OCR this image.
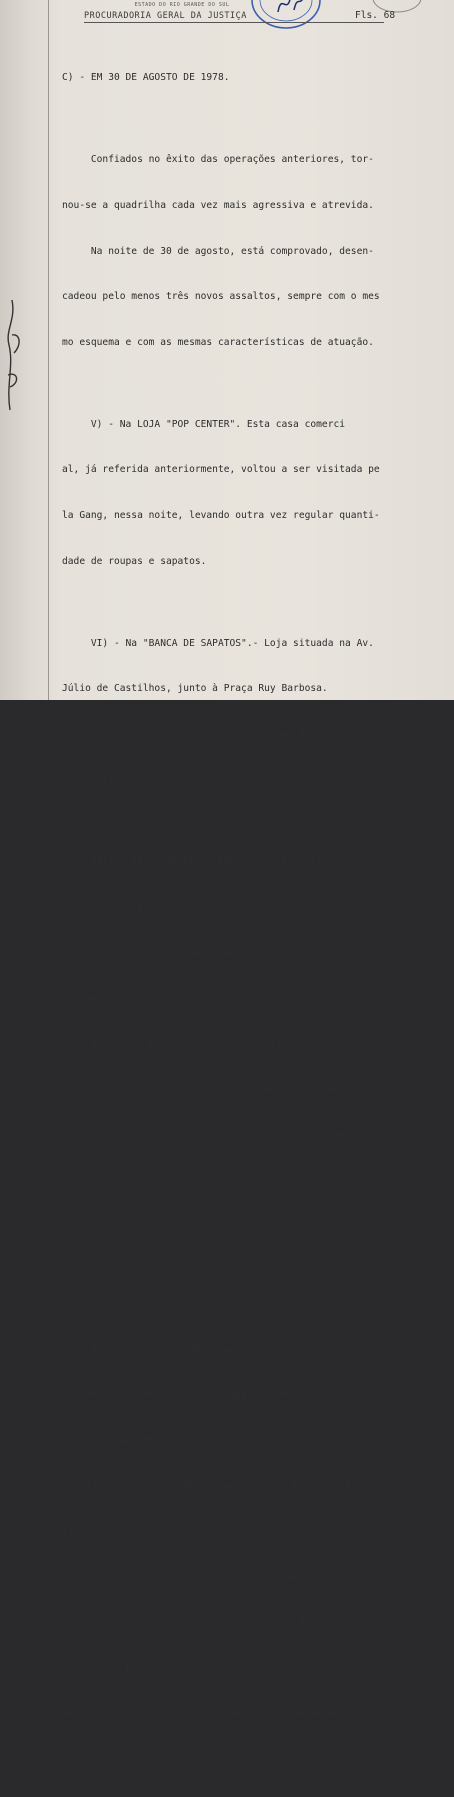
ESTADO DO RIO GRANDE DO SUL
PROCURADORIA GERAL DA JUSTIÇA	Fls. 68

C) - EM 30 DE AGOSTO DE 1978.

Confiados no êxito das operações anteriores, tor-

nou-se a quadrilha cada vez mais agressiva e atrevida.

Na noite de 30 de agosto, está comprovado, desen-

cadeou pelo menos três novos assaltos, sempre com o mes

mo esquema e com as mesmas características de atuação.

V) - Na LOJA "POP CENTER". Esta casa comerci

al, já referida anteriormente, voltou a ser visitada pe

la Gang, nessa noite, levando outra vez regular quanti-

dade de roupas e sapatos.

VI) - Na "BANCA DE SAPATOS".- Loja situada na Av.

Júlio de Castilhos, junto à Praça Ruy Barbosa.

Dessa casa, os denunciados levaram, desta vez, cer

ca de Cr$ 30.000,00 em sapatos.

VII) - NA "LOJA ESCOSTEGUY" - Na Av. Otavio Rocha,

esquina Vigário José Inacio.

Nesta Casa Comercial o Grupo deu o maior gol

pe daquela noite.

Repetindo todo o esquema, e deste vez sem se

importarem com alguns testemunhas que assistiram aterrori-

zados a "operação", a quadrilha levou grande quantidade de

roupas e miudezas.

. . . . . . . . . . . . .

Nas operações de 30 de agosto, o Grupo foi -

coordenado e comandado por Braggio e Ney, como sempre. E

participaram, pessoalmente, pelo menos, os seguintes de-

nunciados: Carlos A. Rosa, Darci Porto, Florenal Antunes

Teles, João Vanderlei Souza, Osvaldir Vieira Lopes, Sera-

fim Lopes, Armando A. Soares, Carlos Adão C. Lau, Antô-

nio Madruga, Darci S. Avendano, Gilberto N. Melo, Luis C.

Rodrigues, Paulo R. Martins, Jobar Corrales, Carlos A.

Jesus, Ari Silva Alves (além de outros que serão identi-

ficados no correr da instrução).
